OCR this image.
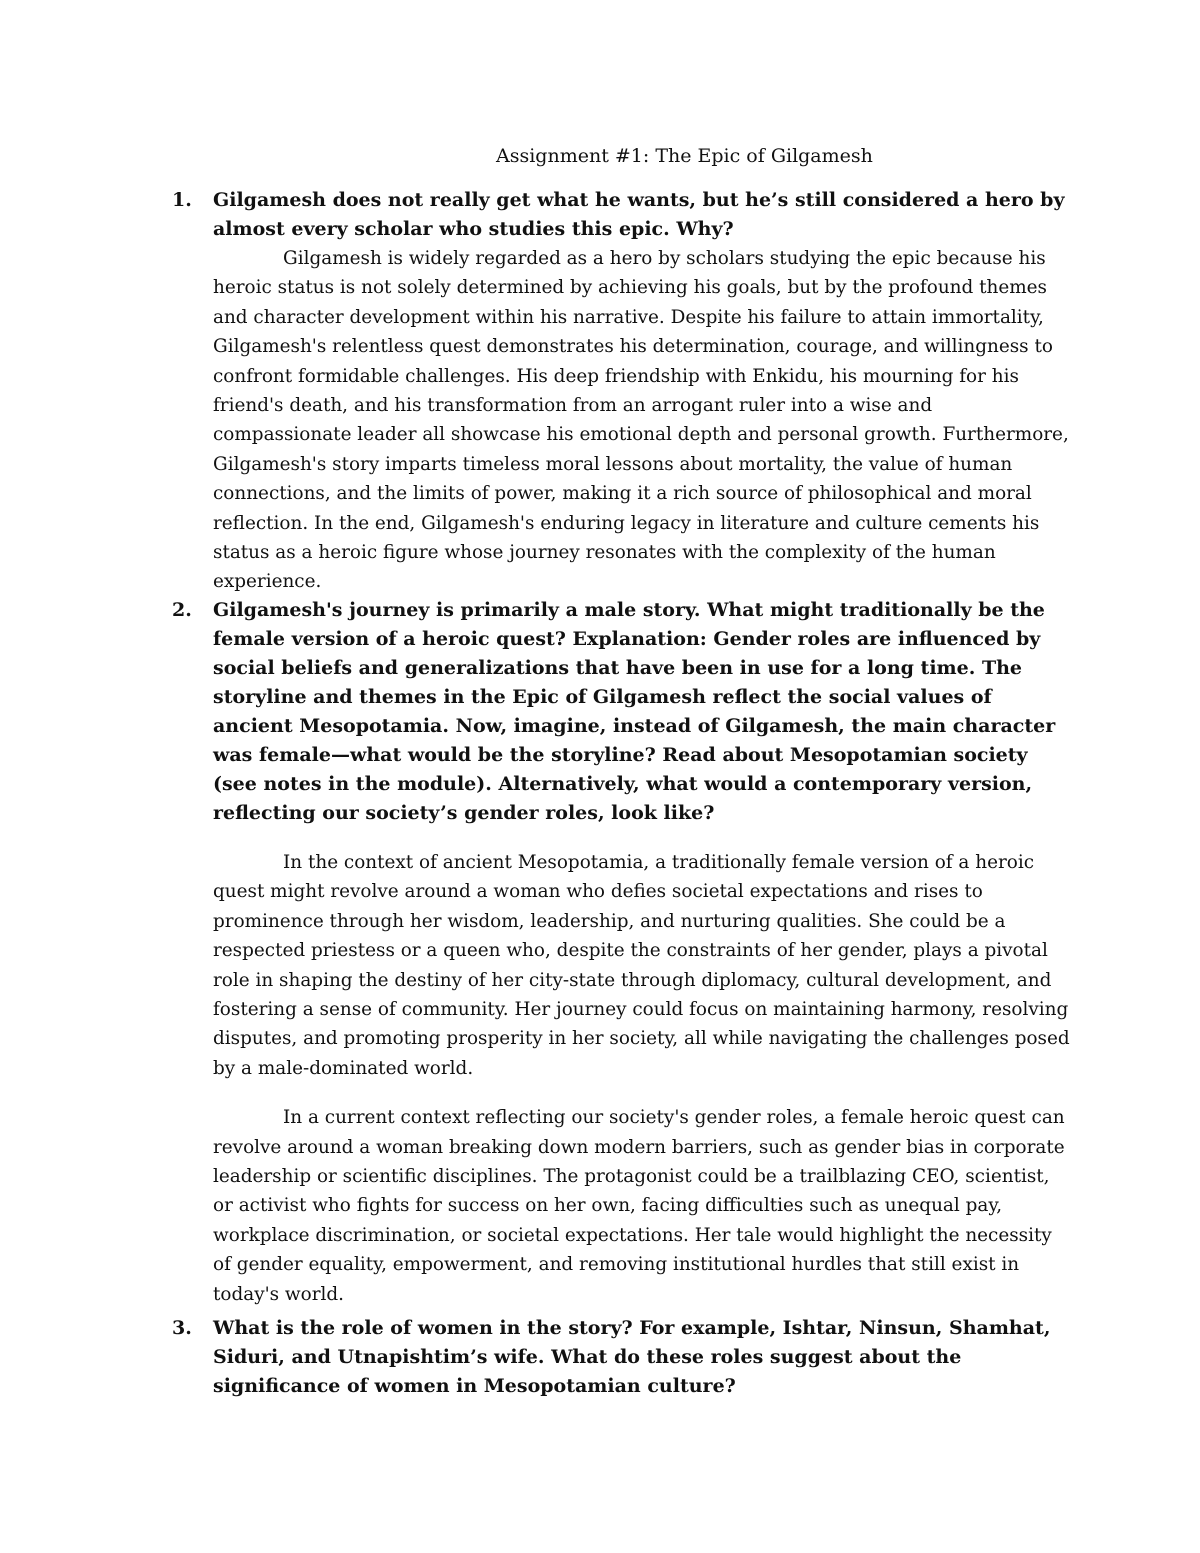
Assignment #1: The Epic of Gilgamesh
1. Gilgamesh does not really get what he wants, but he’s still considered a hero by almost every scholar who studies this epic. Why?

Gilgamesh is widely regarded as a hero by scholars studying the epic because his heroic status is not solely determined by achieving his goals, but by the profound themes and character development within his narrative. Despite his failure to attain immortality, Gilgamesh's relentless quest demonstrates his determination, courage, and willingness to confront formidable challenges. His deep friendship with Enkidu, his mourning for his friend's death, and his transformation from an arrogant ruler into a wise and compassionate leader all showcase his emotional depth and personal growth. Furthermore, Gilgamesh's story imparts timeless moral lessons about mortality, the value of human connections, and the limits of power, making it a rich source of philosophical and moral reflection. In the end, Gilgamesh's enduring legacy in literature and culture cements his status as a heroic figure whose journey resonates with the complexity of the human experience.

2. Gilgamesh's journey is primarily a male story. What might traditionally be the female version of a heroic quest? Explanation: Gender roles are influenced by social beliefs and generalizations that have been in use for a long time. The storyline and themes in the Epic of Gilgamesh reflect the social values of ancient Mesopotamia. Now, imagine, instead of Gilgamesh, the main character was female—what would be the storyline? Read about Mesopotamian society (see notes in the module). Alternatively, what would a contemporary version, reflecting our society’s gender roles, look like?

In the context of ancient Mesopotamia, a traditionally female version of a heroic quest might revolve around a woman who defies societal expectations and rises to prominence through her wisdom, leadership, and nurturing qualities. She could be a respected priestess or a queen who, despite the constraints of her gender, plays a pivotal role in shaping the destiny of her city-state through diplomacy, cultural development, and fostering a sense of community. Her journey could focus on maintaining harmony, resolving disputes, and promoting prosperity in her society, all while navigating the challenges posed by a male-dominated world.

In a current context reflecting our society's gender roles, a female heroic quest can revolve around a woman breaking down modern barriers, such as gender bias in corporate leadership or scientific disciplines. The protagonist could be a trailblazing CEO, scientist, or activist who fights for success on her own, facing difficulties such as unequal pay, workplace discrimination, or societal expectations. Her tale would highlight the necessity of gender equality, empowerment, and removing institutional hurdles that still exist in today's world.

3. What is the role of women in the story? For example, Ishtar, Ninsun, Shamhat, Siduri, and Utnapishtim’s wife. What do these roles suggest about the significance of women in Mesopotamian culture?
